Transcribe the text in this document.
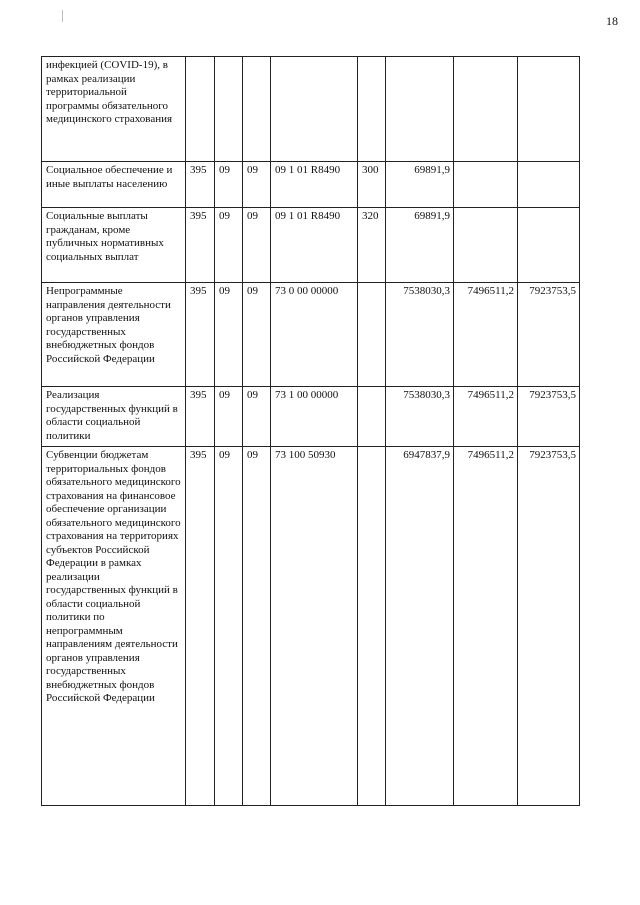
18
инфекцией (COVID-19), в рамках реализации территориальной программы обязательного медицинского страхования								
Социальное обеспечение и иные выплаты населению	395	09	09	09 1 01 R8490	300	69891,9		
Социальные выплаты гражданам, кроме публичных нормативных социальных выплат	395	09	09	09 1 01 R8490	320	69891,9		
Непрограммные направления деятельности органов управления государственных внебюджетных фондов Российской Федерации	395	09	09	73 0 00 00000		7538030,3	7496511,2	7923753,5
Реализация государственных функций в области социальной политики	395	09	09	73 1 00 00000		7538030,3	7496511,2	7923753,5
Субвенции бюджетам территориальных фондов обязательного медицинского страхования на финансовое обеспечение организации обязательного медицинского страхования на территориях субъектов Российской Федерации в рамках реализации государственных функций в области социальной политики по непрограммным направлениям деятельности органов управления государственных внебюджетных фондов Российской Федерации	395	09	09	73 100 50930		6947837,9	7496511,2	7923753,5
